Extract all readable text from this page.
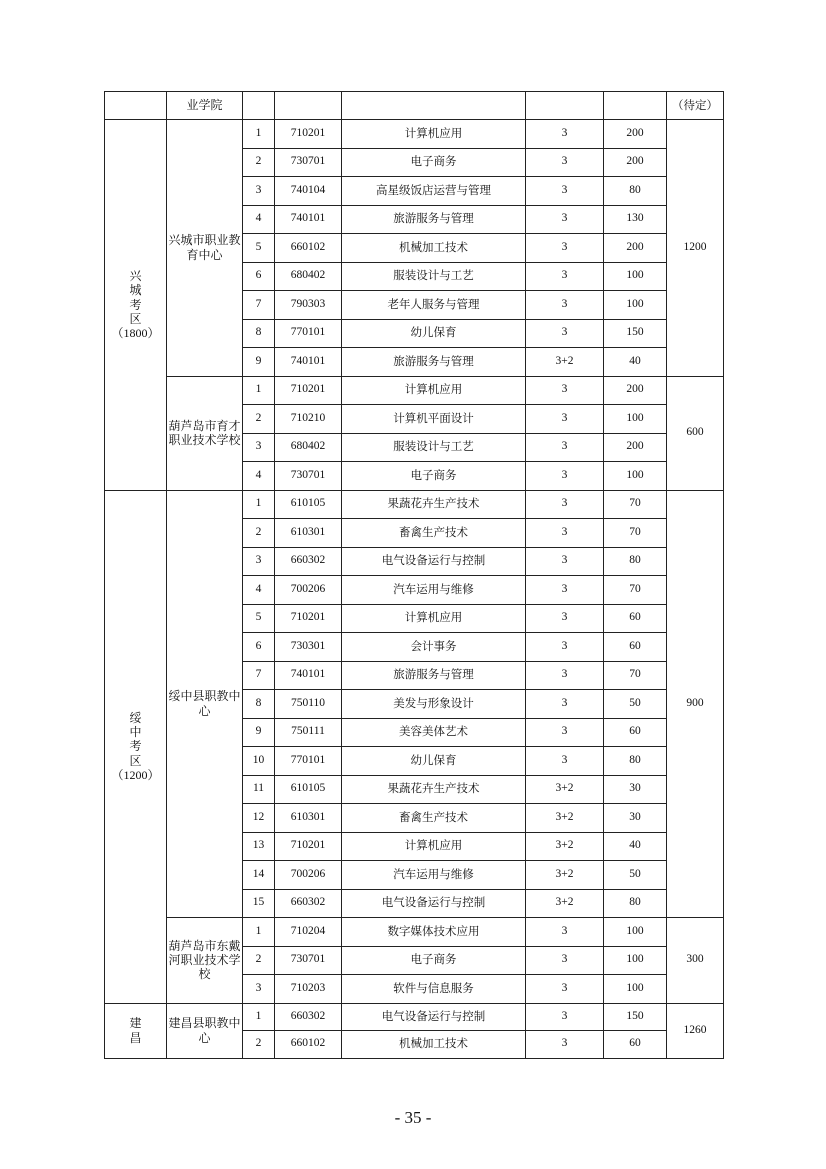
	业学院						（待定）

兴
城
考
区
（1800）	兴城市职业教育中心	1	710201	计算机应用	3	200	1200
		2	730701	电子商务	3	200	
		3	740104	高星级饭店运营与管理	3	80	
		4	740101	旅游服务与管理	3	130	
		5	660102	机械加工技术	3	200	
		6	680402	服装设计与工艺	3	100	
		7	790303	老年人服务与管理	3	100	
		8	770101	幼儿保育	3	150	
		9	740101	旅游服务与管理	3+2	40	
	葫芦岛市育才职业技术学校	1	710201	计算机应用	3	200	600
		2	710210	计算机平面设计	3	100	
		3	680402	服装设计与工艺	3	200	
		4	730701	电子商务	3	100	

绥
中
考
区
（1200）	绥中县职教中心	1	610105	果蔬花卉生产技术	3	70	900
		2	610301	畜禽生产技术	3	70	
		3	660302	电气设备运行与控制	3	80	
		4	700206	汽车运用与维修	3	70	
		5	710201	计算机应用	3	60	
		6	730301	会计事务	3	60	
		7	740101	旅游服务与管理	3	70	
		8	750110	美发与形象设计	3	50	
		9	750111	美容美体艺术	3	60	
		10	770101	幼儿保育	3	80	
		11	610105	果蔬花卉生产技术	3+2	30	
		12	610301	畜禽生产技术	3+2	30	
		13	710201	计算机应用	3+2	40	
		14	700206	汽车运用与维修	3+2	50	
		15	660302	电气设备运行与控制	3+2	80	
	葫芦岛市东戴河职业技术学校	1	710204	数字媒体技术应用	3	100	300
		2	730701	电子商务	3	100	
		3	710203	软件与信息服务	3	100	

建
昌	建昌县职教中心	1	660302	电气设备运行与控制	3	150	1260
		2	660102	机械加工技术	3	60	
- 35 -
